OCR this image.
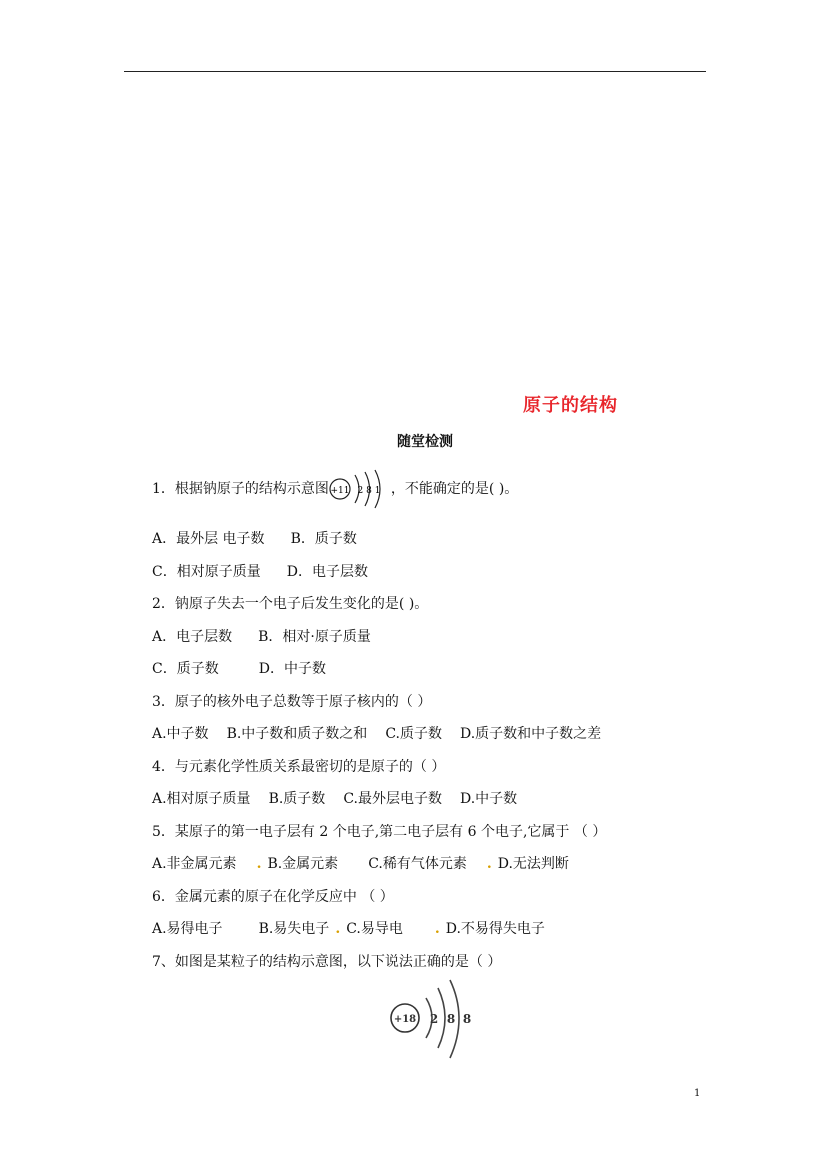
原子的结构
随堂检测
1．根据钠原子的结构示意图 +11 2 8 1 ，不能确定的是( )。
A．最外层 电子数 B．质子数
C．相对原子质量 D．电子层数
2．钠原子失去一个电子后发生变化的是( )。
A．电子层数 B．相对·原子质量
C．质子数	D．中子数
3．原子的核外电子总数等于原子核内的（ ）
A.中子数 B.中子数和质子数之和 C.质子数 D.质子数和中子数之差
4．与元素化学性质关系最密切的是原子的（ ）
A.相对原子质量 B.质子数 C.最外层电子数 D.中子数
5．某原子的第一电子层有 2 个电子,第二电子层有 6 个电子,它属于 （ ）
A.非金属元素 . B.金属元素 C.稀有气体元素 . D.无法判断
6．金属元素的原子在化学反应中 （ ）
A.易得电子	B.易失电子 . C.易导电 . D.不易得失电子
7、如图是某粒子的结构示意图，以下说法正确的是（ ）
+18 2 8 8
1
